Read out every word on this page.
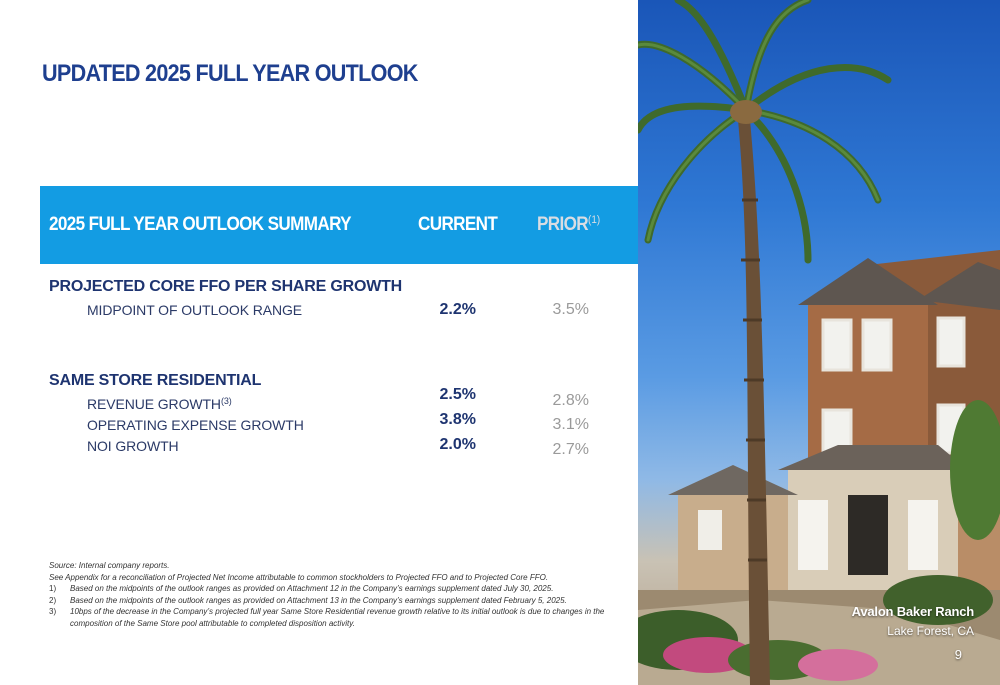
UPDATED 2025 FULL YEAR OUTLOOK
2025 FULL YEAR OUTLOOK SUMMARY	CURRENT PRIOR$^{(1)}$
PROJECTED CORE FFO PER SHARE GROWTH
MIDPOINT OF OUTLOOK RANGE	2.2%	3.5%
SAME STORE RESIDENTIAL
REVENUE GROWTH$^{(3)}$	2.5%	2.8%
OPERATING EXPENSE GROWTH	3.8%	3.1%
NOI GROWTH	2.0%	2.7%
Source: Internal company reports.
See Appendix for a reconciliation of Projected Net Income attributable to common stockholders to Projected FFO and to Projected Core FFO.
1) Based on the midpoints of the outlook ranges as provided on Attachment 12 in the Company’s earnings supplement dated July 30, 2025.
2) Based on the midpoints of the outlook ranges as provided on Attachment 13 in the Company’s earnings supplement dated February 5, 2025.
3) 10bps of the decrease in the Company’s projected full year Same Store Residential revenue growth relative to its initial outlook is due to changes in the composition of the Same Store pool attributable to completed disposition activity.
Avalon Baker Ranch
Lake Forest, CA
9
